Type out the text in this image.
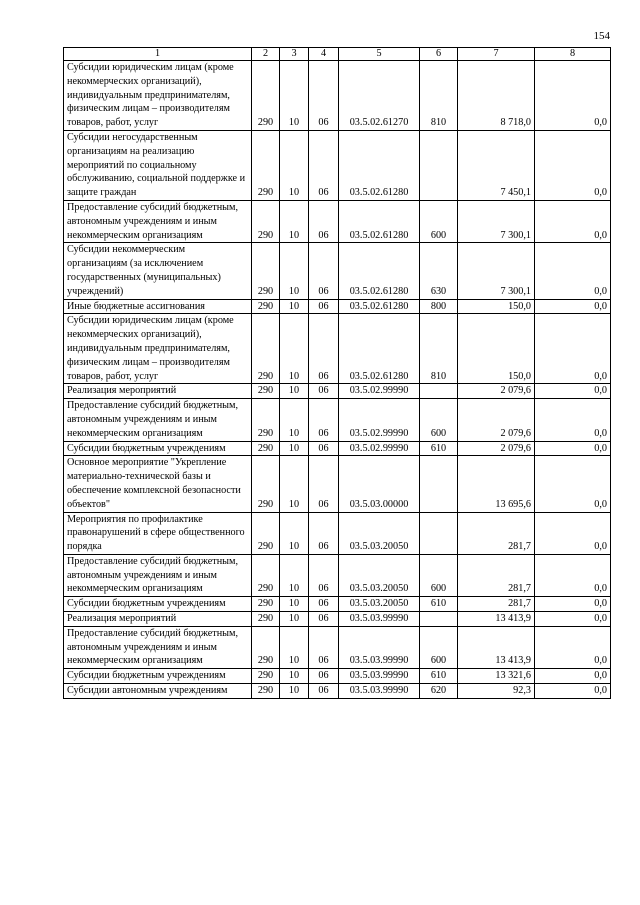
154
1	2	3	4	5	6	7	8
Субсидии юридическим лицам (кроме некоммерческих организаций), индивидуальным предпринимателям, физическим лицам – производителям товаров, работ, услуг	290	10	06	03.5.02.61270	810	8 718,0	0,0
Субсидии негосударственным организациям на реализацию мероприятий по социальному обслуживанию, социальной поддержке и защите граждан	290	10	06	03.5.02.61280		7 450,1	0,0
Предоставление субсидий бюджетным, автономным учреждениям и иным некоммерческим организациям	290	10	06	03.5.02.61280	600	7 300,1	0,0
Субсидии некоммерческим организациям (за исключением государственных (муниципальных) учреждений)	290	10	06	03.5.02.61280	630	7 300,1	0,0
Иные бюджетные ассигнования	290	10	06	03.5.02.61280	800	150,0	0,0
Субсидии юридическим лицам (кроме некоммерческих организаций), индивидуальным предпринимателям, физическим лицам – производителям товаров, работ, услуг	290	10	06	03.5.02.61280	810	150,0	0,0
Реализация мероприятий	290	10	06	03.5.02.99990		2 079,6	0,0
Предоставление субсидий бюджетным, автономным учреждениям и иным некоммерческим организациям	290	10	06	03.5.02.99990	600	2 079,6	0,0
Субсидии бюджетным учреждениям	290	10	06	03.5.02.99990	610	2 079,6	0,0
Основное мероприятие "Укрепление материально-технической базы и обеспечение комплексной безопасности объектов"	290	10	06	03.5.03.00000		13 695,6	0,0
Мероприятия по профилактике правонарушений в сфере общественного порядка	290	10	06	03.5.03.20050		281,7	0,0
Предоставление субсидий бюджетным, автономным учреждениям и иным некоммерческим организациям	290	10	06	03.5.03.20050	600	281,7	0,0
Субсидии бюджетным учреждениям	290	10	06	03.5.03.20050	610	281,7	0,0
Реализация мероприятий	290	10	06	03.5.03.99990		13 413,9	0,0
Предоставление субсидий бюджетным, автономным учреждениям и иным некоммерческим организациям	290	10	06	03.5.03.99990	600	13 413,9	0,0
Субсидии бюджетным учреждениям	290	10	06	03.5.03.99990	610	13 321,6	0,0
Субсидии автономным учреждениям	290	10	06	03.5.03.99990	620	92,3	0,0
